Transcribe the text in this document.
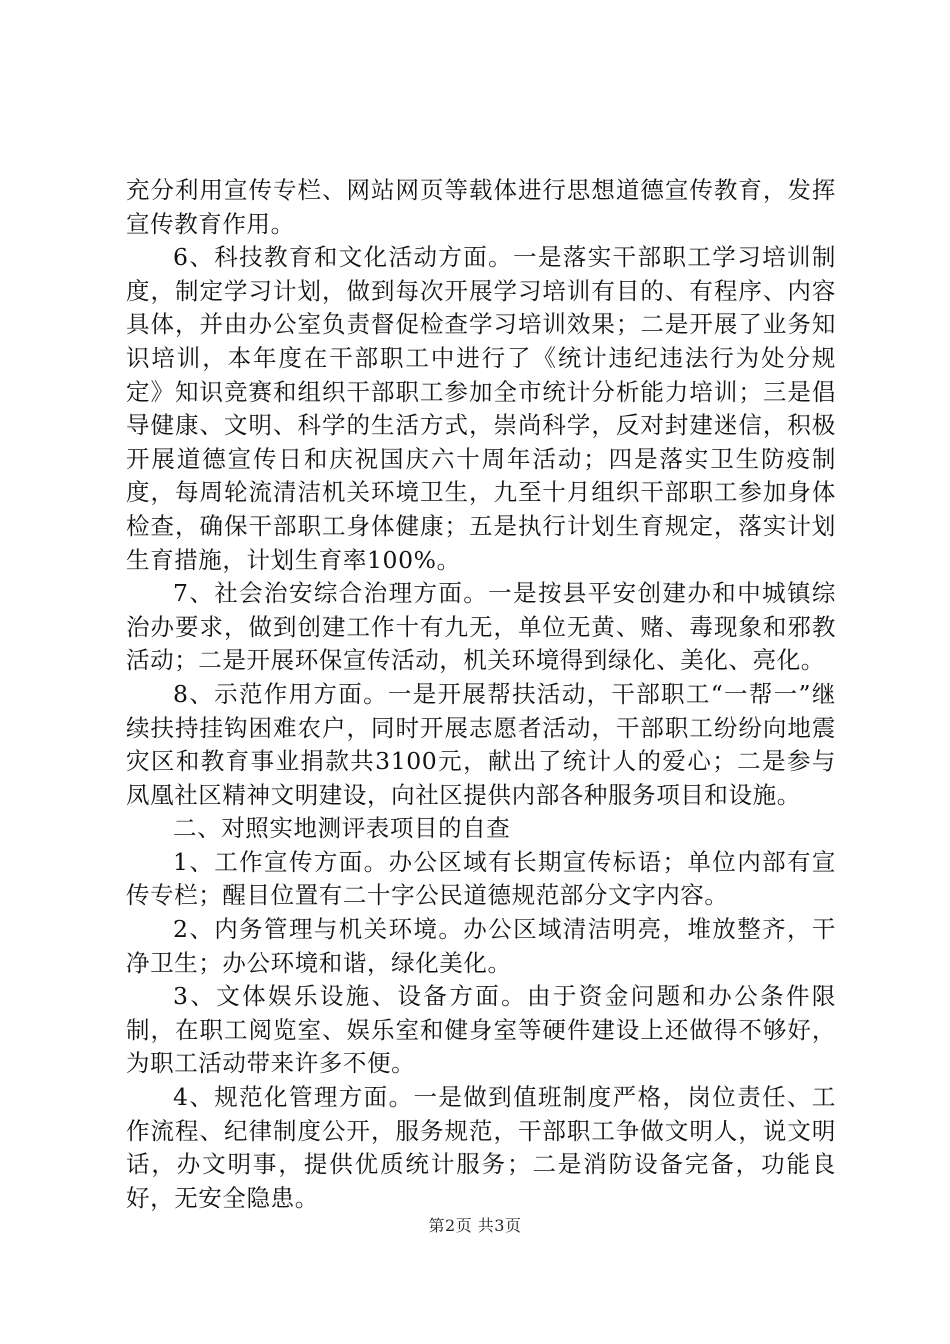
充分利用宣传专栏、网站网页等载体进行思想道德宣传教育，发挥宣传教育作用。

6、科技教育和文化活动方面。一是落实干部职工学习培训制度，制定学习计划，做到每次开展学习培训有目的、有程序、内容具体，并由办公室负责督促检查学习培训效果；二是开展了业务知识培训，本年度在干部职工中进行了《统计违纪违法行为处分规定》知识竞赛和组织干部职工参加全市统计分析能力培训；三是倡导健康、文明、科学的生活方式，崇尚科学，反对封建迷信，积极开展道德宣传日和庆祝国庆六十周年活动；四是落实卫生防疫制度，每周轮流清洁机关环境卫生，九至十月组织干部职工参加身体检查，确保干部职工身体健康；五是执行计划生育规定，落实计划生育措施，计划生育率100%。

7、社会治安综合治理方面。一是按县平安创建办和中城镇综治办要求，做到创建工作十有九无，单位无黄、赌、毒现象和邪教活动；二是开展环保宣传活动，机关环境得到绿化、美化、亮化。

8、示范作用方面。一是开展帮扶活动，干部职工“一帮一”继续扶持挂钩困难农户，同时开展志愿者活动，干部职工纷纷向地震灾区和教育事业捐款共3100元，献出了统计人的爱心；二是参与凤凰社区精神文明建设，向社区提供内部各种服务项目和设施。

二、对照实地测评表项目的自查

1、工作宣传方面。办公区域有长期宣传标语；单位内部有宣传专栏；醒目位置有二十字公民道德规范部分文字内容。

2、内务管理与机关环境。办公区域清洁明亮，堆放整齐，干净卫生；办公环境和谐，绿化美化。

3、文体娱乐设施、设备方面。由于资金问题和办公条件限制，在职工阅览室、娱乐室和健身室等硬件建设上还做得不够好，为职工活动带来许多不便。

4、规范化管理方面。一是做到值班制度严格，岗位责任、工作流程、纪律制度公开，服务规范，干部职工争做文明人，说文明话，办文明事，提供优质统计服务；二是消防设备完备，功能良好，无安全隐患。

第2页 共3页
